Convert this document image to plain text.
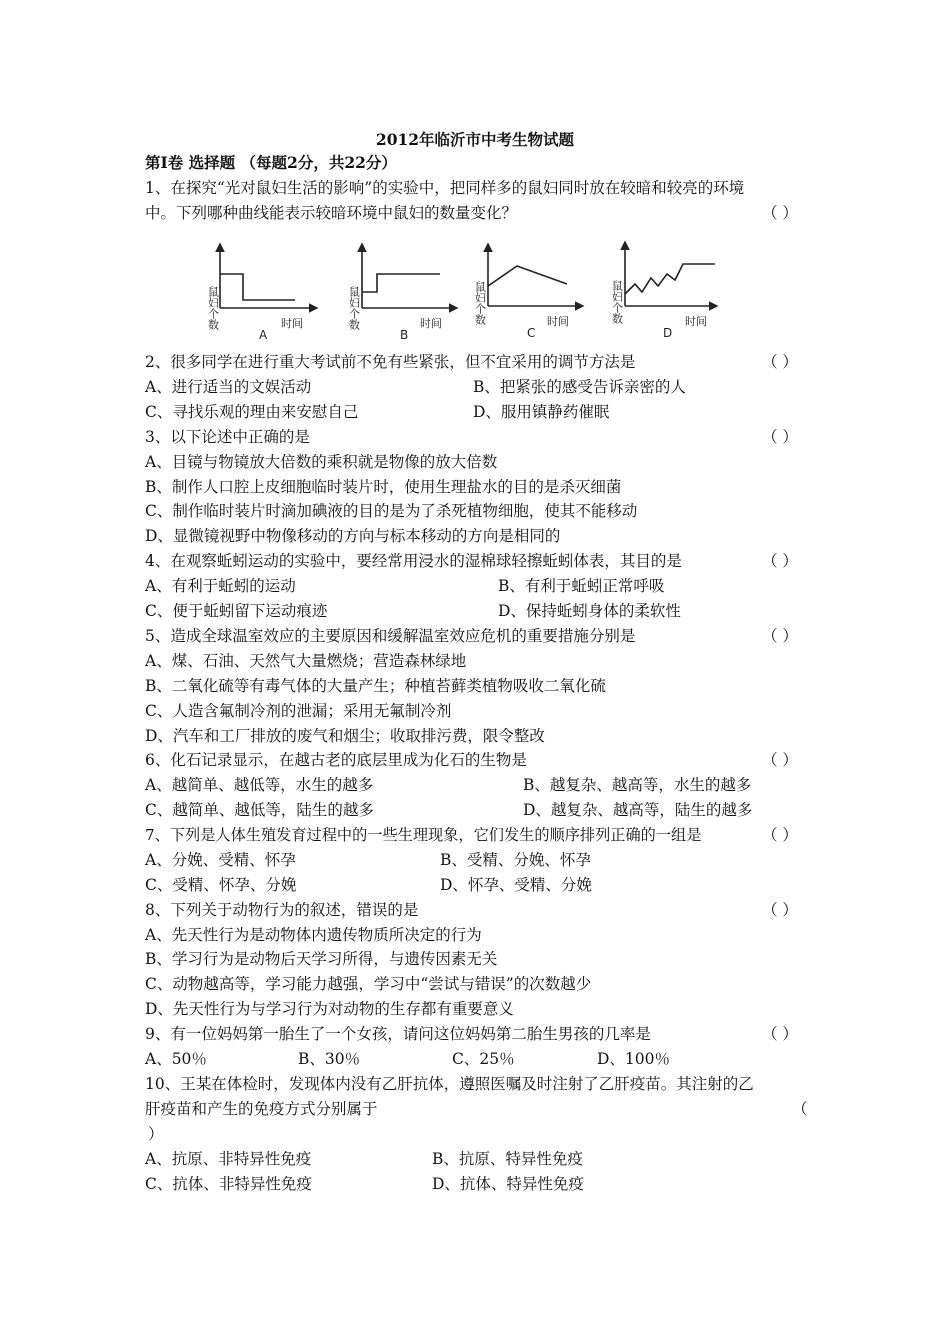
2012年临沂市中考生物试题
第Ⅰ卷 选择题 （每题2分，共22分）
1、在探究“光对鼠妇生活的影响”的实验中，把同样多的鼠妇同时放在较暗和较亮的环境
中。下列哪种曲线能表示较暗环境中鼠妇的数量变化？	（ ）
鼠妇个数	时间
A
鼠妇个数	时间
B
鼠妇个数	时间
C
鼠妇个数	时间
D
2、很多同学在进行重大考试前不免有些紧张，但不宜采用的调节方法是	（ ）
A、进行适当的文娱活动	B、把紧张的感受告诉亲密的人
C、寻找乐观的理由来安慰自己	D、服用镇静药催眠
3、以下论述中正确的是	（ ）
A、目镜与物镜放大倍数的乘积就是物像的放大倍数
B、制作人口腔上皮细胞临时装片时，使用生理盐水的目的是杀灭细菌
C、制作临时装片时滴加碘液的目的是为了杀死植物细胞，使其不能移动
D、显微镜视野中物像移动的方向与标本移动的方向是相同的
4、在观察蚯蚓运动的实验中，要经常用浸水的湿棉球轻擦蚯蚓体表，其目的是	（ ）
A、有利于蚯蚓的运动	B、有利于蚯蚓正常呼吸
C、便于蚯蚓留下运动痕迹	D、保持蚯蚓身体的柔软性
5、造成全球温室效应的主要原因和缓解温室效应危机的重要措施分别是	（ ）
A、煤、石油、天然气大量燃烧；营造森林绿地
B、二氧化硫等有毒气体的大量产生；种植苔藓类植物吸收二氧化硫
C、人造含氟制冷剂的泄漏；采用无氟制冷剂
D、汽车和工厂排放的废气和烟尘；收取排污费，限令整改
6、化石记录显示，在越古老的底层里成为化石的生物是	（ ）
A、越简单、越低等，水生的越多	B、越复杂、越高等，水生的越多
C、越简单、越低等，陆生的越多	D、越复杂、越高等，陆生的越多
7、下列是人体生殖发育过程中的一些生理现象，它们发生的顺序排列正确的一组是	（ ）
A、分娩、受精、怀孕	B、受精、分娩、怀孕
C、受精、怀孕、分娩	D、怀孕、受精、分娩
8、下列关于动物行为的叙述，错误的是	（ ）
A、先天性行为是动物体内遗传物质所决定的行为
B、学习行为是动物后天学习所得，与遗传因素无关
C、动物越高等，学习能力越强，学习中“尝试与错误”的次数越少
D、先天性行为与学习行为对动物的生存都有重要意义
9、有一位妈妈第一胎生了一个女孩，请问这位妈妈第二胎生男孩的几率是	（ ）
A、50％	B、30％	C、25％	D、100％
10、王某在体检时，发现体内没有乙肝抗体，遵照医嘱及时注射了乙肝疫苗。其注射的乙
肝疫苗和产生的免疫方式分别属于	（
）
A、抗原、非特异性免疫	B、抗原、特异性免疫
C、抗体、非特异性免疫	D、抗体、特异性免疫
